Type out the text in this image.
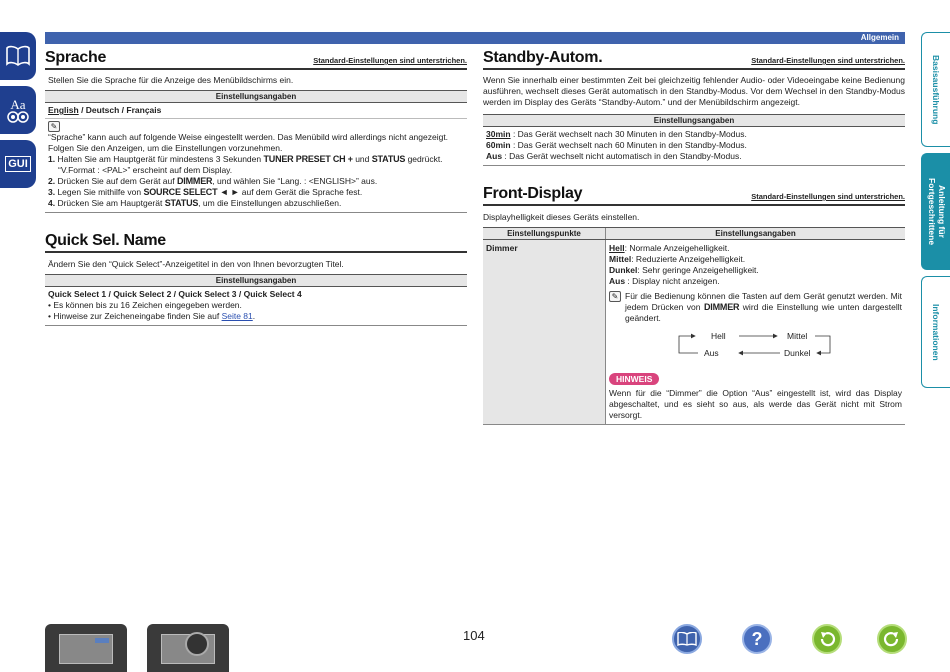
Allgemein
Aa
GUI
Basisausführung
Anleitung für Fortgeschrittene
Informationen
Sprache	Standard-Einstellungen sind unterstrichen.

Stellen Sie die Sprache für die Anzeige des Menübildschirms ein.

Einstellungsangaben

English / Deutsch / Français

✎

“Sprache” kann auch auf folgende Weise eingestellt werden. Das Menübild wird allerdings nicht angezeigt.

Folgen Sie den Anzeigen, um die Einstellungen vorzunehmen.

1. Halten Sie am Hauptgerät für mindestens 3 Sekunden TUNER PRESET CH + und STATUS gedrückt.

“V.Format : <PAL>” erscheint auf dem Display.

2. Drücken Sie auf dem Gerät auf DIMMER, und wählen Sie “Lang. : <ENGLISH>” aus.

3. Legen Sie mithilfe von SOURCE SELECT ◄ ► auf dem Gerät die Sprache fest.

4. Drücken Sie am Hauptgerät STATUS, um die Einstellungen abzuschließen.

Quick Sel. Name

Ändern Sie den “Quick Select”-Anzeigetitel in den von Ihnen bevorzugten Titel.

Einstellungsangaben

Quick Select 1 / Quick Select 2 / Quick Select 3 / Quick Select 4

• Es können bis zu 16 Zeichen eingegeben werden.

• Hinweise zur Zeicheneingabe finden Sie auf Seite 81.

Standby-Autom.	Standard-Einstellungen sind unterstrichen.

Wenn Sie innerhalb einer bestimmten Zeit bei gleichzeitig fehlender Audio- oder Videoeingabe keine Bedienung ausführen, wechselt dieses Gerät automatisch in den Standby-Modus. Vor dem Wechsel in den Standby-Modus werden im Display des Geräts “Standby-Autom.” und der Menübildschirm angezeigt.

Einstellungsangaben

30min : Das Gerät wechselt nach 30 Minuten in den Standby-Modus.

60min : Das Gerät wechselt nach 60 Minuten in den Standby-Modus.

Aus : Das Gerät wechselt nicht automatisch in den Standby-Modus.

Front-Display	Standard-Einstellungen sind unterstrichen.

Displayhelligkeit dieses Geräts einstellen.

Einstellungspunkte	Einstellungsangaben
Dimmer	Hell: Normale Anzeigehelligkeit.

Mittel: Reduzierte Anzeigehelligkeit.

Dunkel: Sehr geringe Anzeigehelligkeit.

Aus : Display nicht anzeigen.

✎ Für die Bedienung können die Tasten auf dem Gerät genutzt werden. Mit jedem Drücken von DIMMER wird die Einstellung wie unten dargestellt geändert.

Hell	Mittel
Aus	Dunkel
HINWEIS

Wenn für die “Dimmer” die Option “Aus” eingestellt ist, wird das Display abgeschaltet, und es sieht so aus, als werde das Gerät nicht mit Strom versorgt.

104	?
